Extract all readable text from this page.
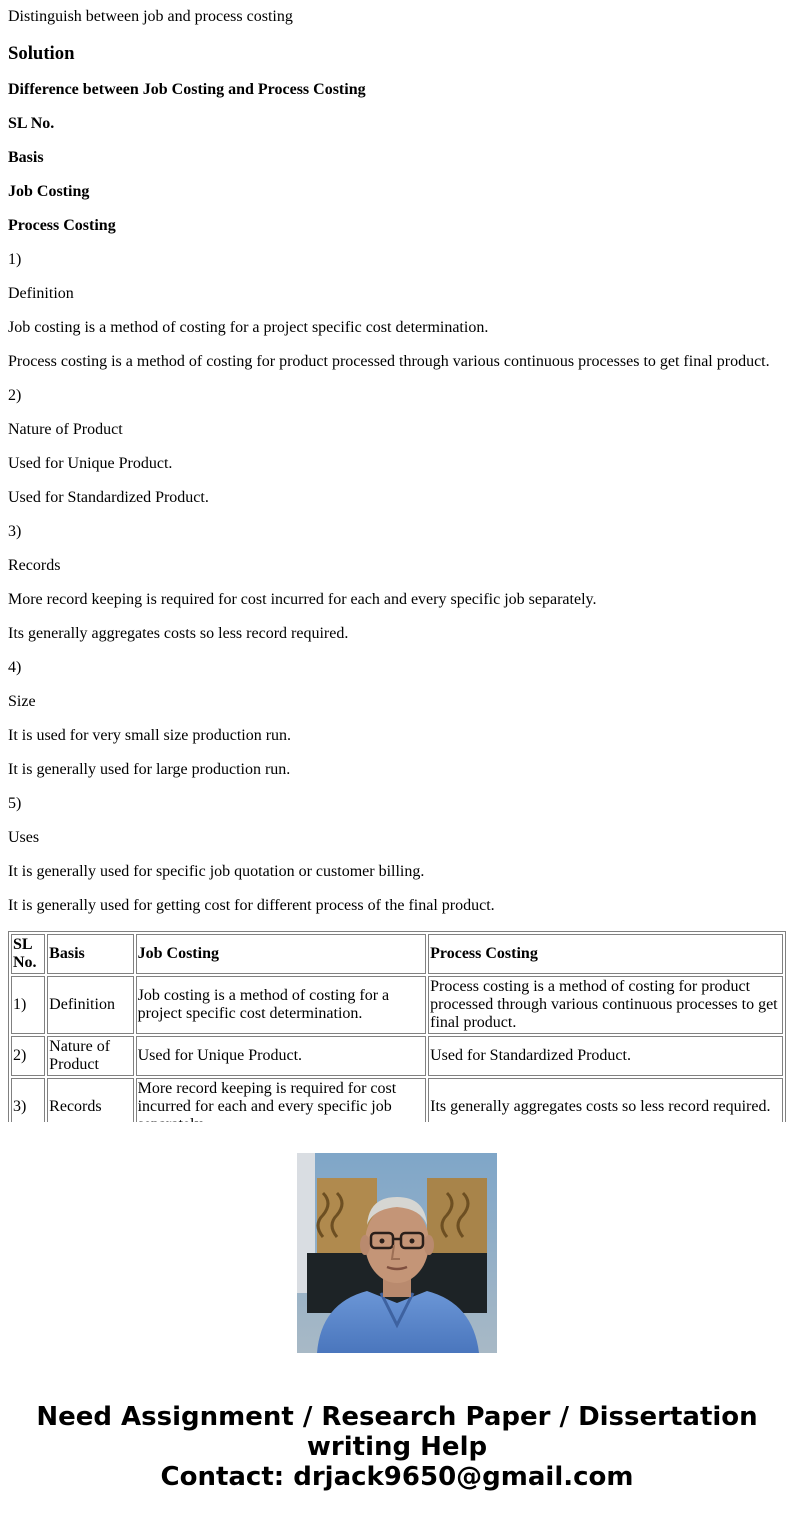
Distinguish between job and process costing

Solution

Difference between Job Costing and Process Costing

SL No.

Basis

Job Costing

Process Costing

1)

Definition

Job costing is a method of costing for a project specific cost determination.

Process costing is a method of costing for product processed through various continuous processes to get final product.

2)

Nature of Product

Used for Unique Product.

Used for Standardized Product.

3)

Records

More record keeping is required for cost incurred for each and every specific job separately.

Its generally aggregates costs so less record required.

4)

Size

It is used for very small size production run.

It is generally used for large production run.

5)

Uses

It is generally used for specific job quotation or customer billing.

It is generally used for getting cost for different process of the final product.

SL No.	Basis	Job Costing	Process Costing
1)	Definition	Job costing is a method of costing for a project specific cost determination.	Process costing is a method of costing for product processed through various continuous processes to get final product.
2)	Nature of Product	Used for Unique Product.	Used for Standardized Product.
3)	Records	More record keeping is required for cost incurred for each and every specific job	Its generally aggregates costs so less record required.

Need Assignment / Research Paper / Dissertation
writing Help
Contact: drjack9650@gmail.com
